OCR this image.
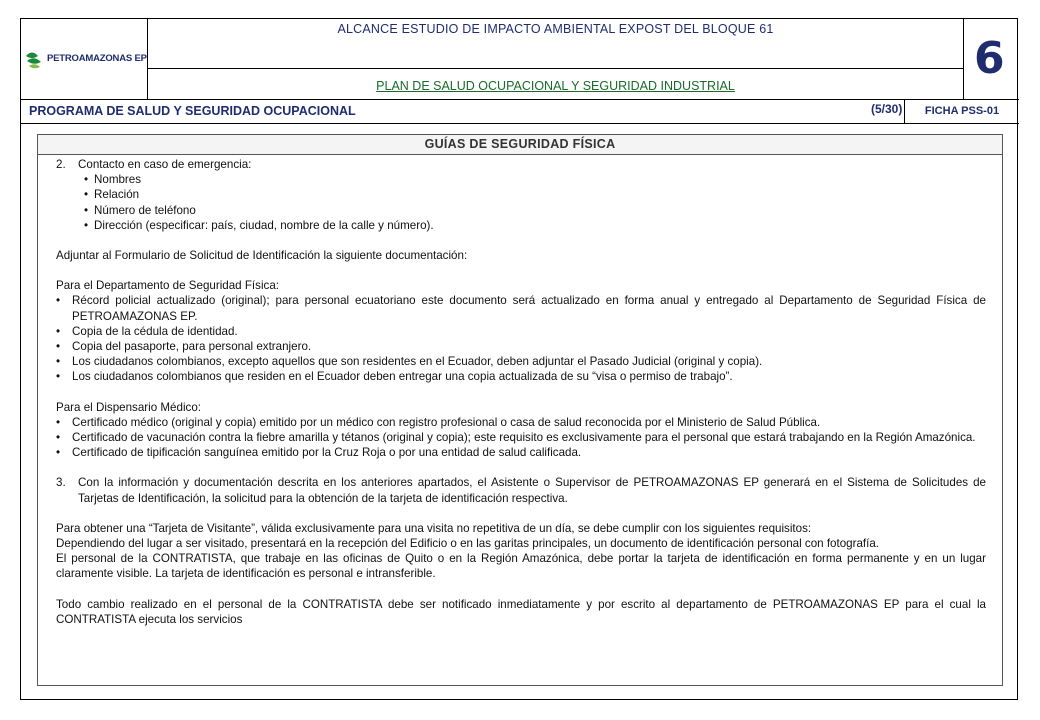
PETROAMAZONAS EP
ALCANCE ESTUDIO DE IMPACTO AMBIENTAL EXPOST DEL BLOQUE 61
PLAN DE SALUD OCUPACIONAL Y SEGURIDAD INDUSTRIAL
6
PROGRAMA DE SALUD Y SEGURIDAD OCUPACIONAL	(5/30)	FICHA PSS-01
GUÍAS DE SEGURIDAD FÍSICA

2. Contacto en caso de emergencia:

• Nombres

• Relación

• Número de teléfono

• Dirección (especificar: país, ciudad, nombre de la calle y número).

Adjuntar al Formulario de Solicitud de Identificación la siguiente documentación:

Para el Departamento de Seguridad Física:

• Récord policial actualizado (original); para personal ecuatoriano este documento será actualizado en forma anual y entregado al Departamento de Seguridad Física de PETROAMAZONAS EP.

• Copia de la cédula de identidad.

• Copia del pasaporte, para personal extranjero.

• Los ciudadanos colombianos, excepto aquellos que son residentes en el Ecuador, deben adjuntar el Pasado Judicial (original y copia).

• Los ciudadanos colombianos que residen en el Ecuador deben entregar una copia actualizada de su “visa o permiso de trabajo”.

Para el Dispensario Médico:

• Certificado médico (original y copia) emitido por un médico con registro profesional o casa de salud reconocida por el Ministerio de Salud Pública.

• Certificado de vacunación contra la fiebre amarilla y tétanos (original y copia); este requisito es exclusivamente para el personal que estará trabajando en la Región Amazónica.

• Certificado de tipificación sanguínea emitido por la Cruz Roja o por una entidad de salud calificada.

3. Con la información y documentación descrita en los anteriores apartados, el Asistente o Supervisor de PETROAMAZONAS EP generará en el Sistema de Solicitudes de Tarjetas de Identificación, la solicitud para la obtención de la tarjeta de identificación respectiva.

Para obtener una “Tarjeta de Visitante”, válida exclusivamente para una visita no repetitiva de un día, se debe cumplir con los siguientes requisitos:

Dependiendo del lugar a ser visitado, presentará en la recepción del Edificio o en las garitas principales, un documento de identificación personal con fotografía.

El personal de la CONTRATISTA, que trabaje en las oficinas de Quito o en la Región Amazónica, debe portar la tarjeta de identificación en forma permanente y en un lugar claramente visible. La tarjeta de identificación es personal e intransferible.

Todo cambio realizado en el personal de la CONTRATISTA debe ser notificado inmediatamente y por escrito al departamento de PETROAMAZONAS EP para el cual la CONTRATISTA ejecuta los servicios
